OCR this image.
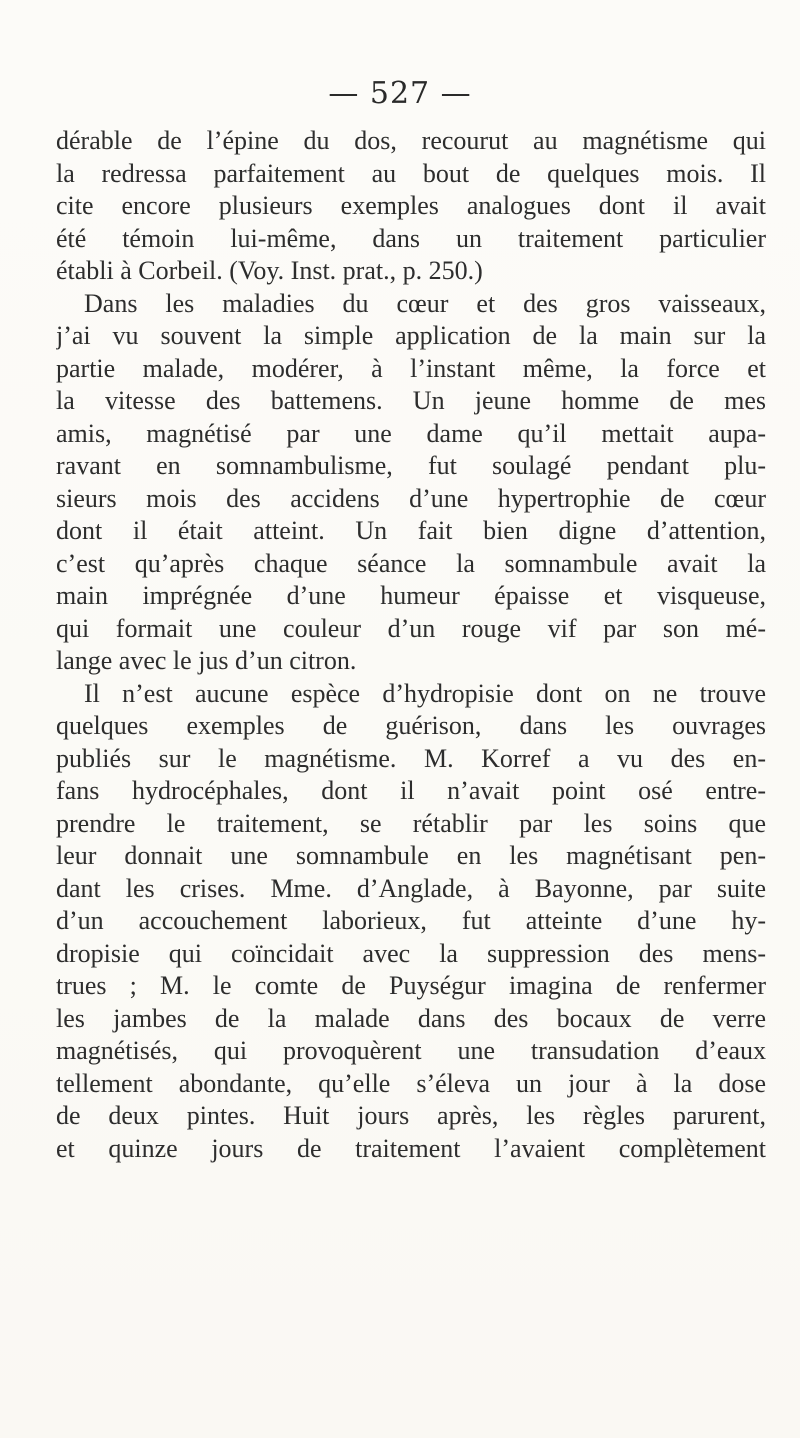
— 527 —
dérable de l’épine du dos, recourut au magnétisme qui
la redressa parfaitement au bout de quelques mois. Il
cite encore plusieurs exemples analogues dont il avait
été témoin lui-même, dans un traitement particulier
établi à Corbeil. (Voy. Inst. prat., p. 250.)
Dans les maladies du cœur et des gros vaisseaux,
j’ai vu souvent la simple application de la main sur la
partie malade, modérer, à l’instant même, la force et
la vitesse des battemens. Un jeune homme de mes
amis, magnétisé par une dame qu’il mettait aupa-
ravant en somnambulisme, fut soulagé pendant plu-
sieurs mois des accidens d’une hypertrophie de cœur
dont il était atteint. Un fait bien digne d’attention,
c’est qu’après chaque séance la somnambule avait la
main imprégnée d’une humeur épaisse et visqueuse,
qui formait une couleur d’un rouge vif par son mé-
lange avec le jus d’un citron.
Il n’est aucune espèce d’hydropisie dont on ne trouve
quelques exemples de guérison, dans les ouvrages
publiés sur le magnétisme. M. Korref a vu des en-
fans hydrocéphales, dont il n’avait point osé entre-
prendre le traitement, se rétablir par les soins que
leur donnait une somnambule en les magnétisant pen-
dant les crises. Mme. d’Anglade, à Bayonne, par suite
d’un accouchement laborieux, fut atteinte d’une hy-
dropisie qui coïncidait avec la suppression des mens-
trues ; M. le comte de Puységur imagina de renfermer
les jambes de la malade dans des bocaux de verre
magnétisés, qui provoquèrent une transudation d’eaux
tellement abondante, qu’elle s’éleva un jour à la dose
de deux pintes. Huit jours après, les règles parurent,
et quinze jours de traitement l’avaient complètement
